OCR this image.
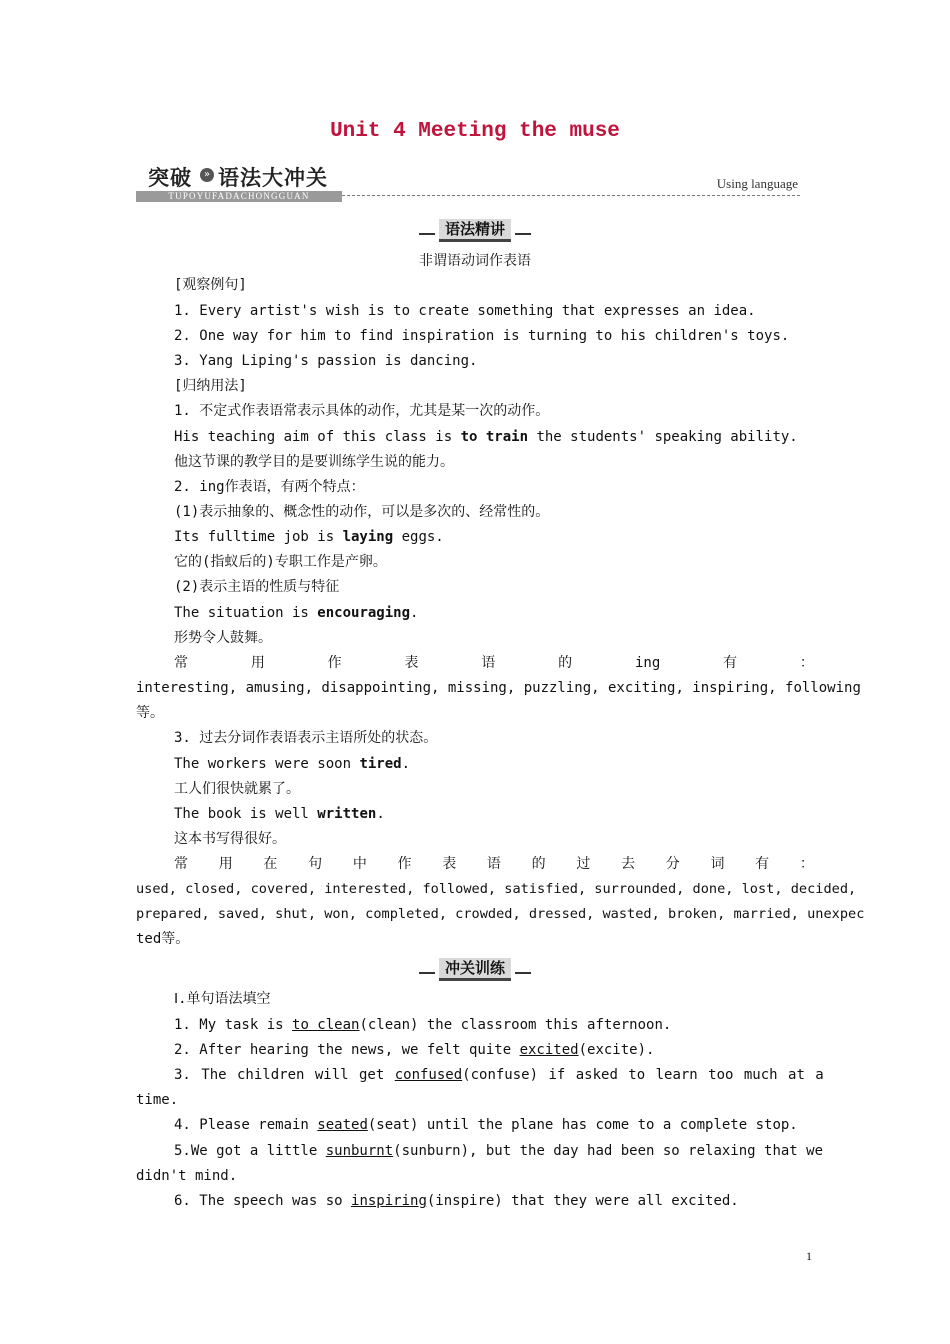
Unit 4 Meeting the muse
突破	» 语法大冲关
TUPOYUFADACHONGGUAN
Using language
语法精讲
非谓语动词作表语
[观察例句]
1. Every artist's wish is to create something that expresses an idea.
2. One way for him to find inspiration is turning to his children's toys.
3. Yang Liping's passion is dancing.
[归纳用法]
1. 不定式作表语常表示具体的动作，尤其是某一次的动作。
His teaching aim of this class is to train the students' speaking ability.
他这节课的教学目的是要训练学生说的能力。
2. ing作表语，有两个特点：
(1)表示抽象的、概念性的动作，可以是多次的、经常性的。
Its fulltime job is laying eggs.
它的(指蚁后的)专职工作是产卵。
(2)表示主语的性质与特征
The situation is encouraging.
形势令人鼓舞。
常	用	作	表	语	的	ing	有	：
interesting, amusing, disappointing, missing, puzzling, exciting, inspiring, following
等。
3. 过去分词作表语表示主语所处的状态。
The workers were soon tired.
工人们很快就累了。
The book is well written.
这本书写得很好。
常 用 在 句 中 作 表 语 的 过 去 分 词 有 ：
used, closed, covered, interested, followed, satisfied, surrounded, done, lost, decided,
prepared, saved, shut, won, completed, crowded, dressed, wasted, broken, married, unexpec
ted等。
冲关训练
Ⅰ.单句语法填空
1. My task is to clean(clean) the classroom this afternoon.
2. After hearing the news, we felt quite excited(excite).
3. The children will get confused(confuse) if asked to learn too much at a
time.
4. Please remain seated(seat) until the plane has come to a complete stop.
5.We got a little sunburnt(sunburn), but the day had been so relaxing that we
didn't mind.
6. The speech was so inspiring(inspire) that they were all excited.
1
